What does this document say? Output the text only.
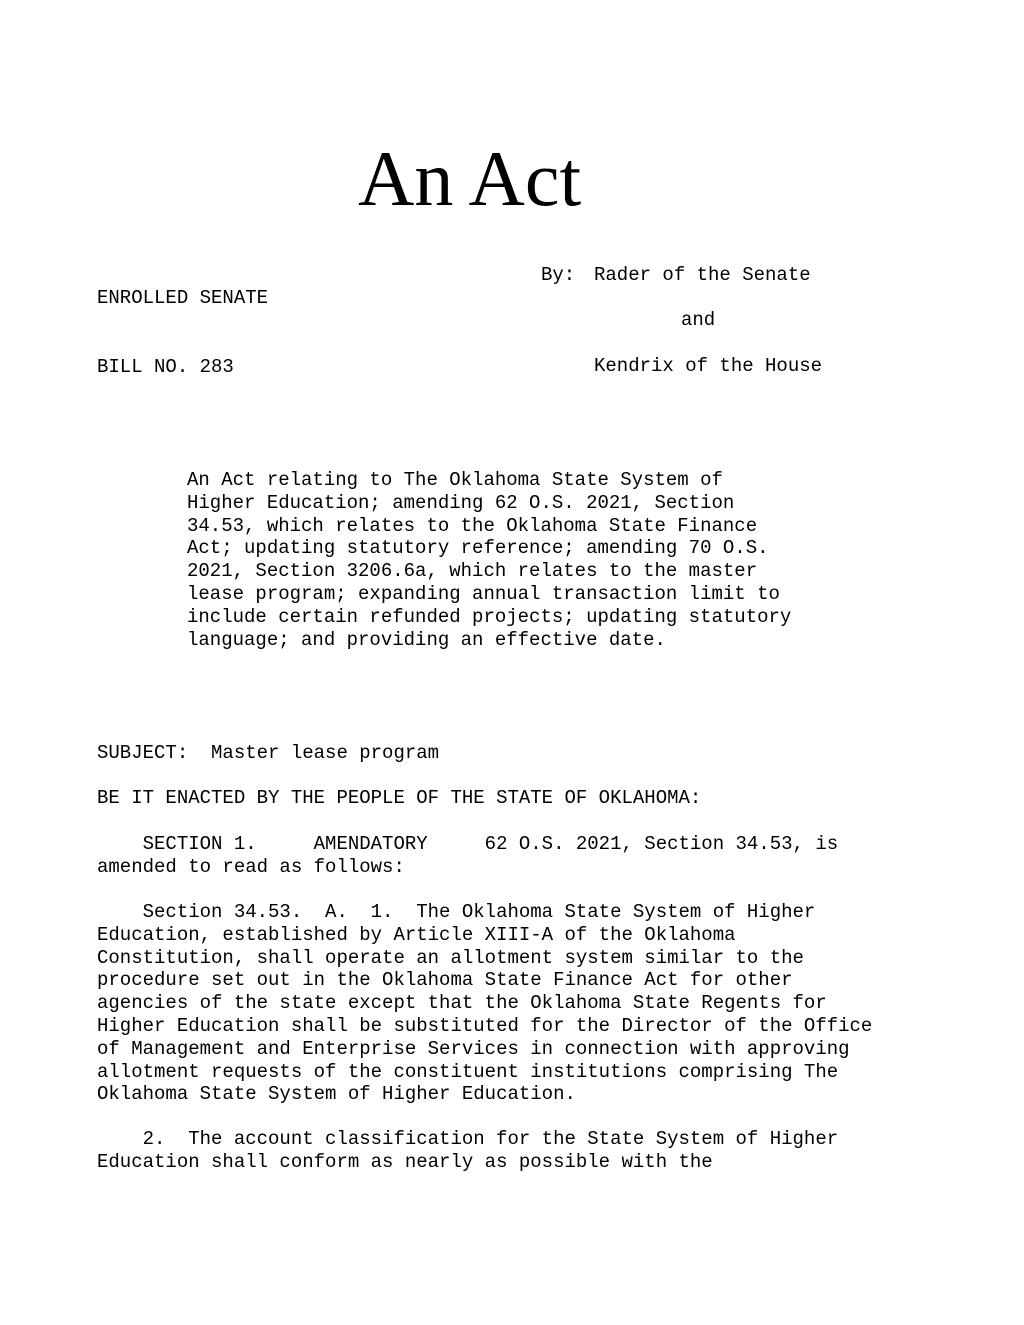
An Act

ENROLLED SENATE

BILL NO. 283

By: Rader of the Senate
and
Kendrix of the House
An Act relating to The Oklahoma State System of
Higher Education; amending 62 O.S. 2021, Section
34.53, which relates to the Oklahoma State Finance
Act; updating statutory reference; amending 70 O.S.
2021, Section 3206.6a, which relates to the master
lease program; expanding annual transaction limit to
include certain refunded projects; updating statutory
language; and providing an effective date.
SUBJECT:  Master lease program
BE IT ENACTED BY THE PEOPLE OF THE STATE OF OKLAHOMA:
SECTION 1.     AMENDATORY     62 O.S. 2021, Section 34.53, is
amended to read as follows:
Section 34.53.  A.  1.  The Oklahoma State System of Higher
Education, established by Article XIII-A of the Oklahoma
Constitution, shall operate an allotment system similar to the
procedure set out in the Oklahoma State Finance Act for other
agencies of the state except that the Oklahoma State Regents for
Higher Education shall be substituted for the Director of the Office
of Management and Enterprise Services in connection with approving
allotment requests of the constituent institutions comprising The
Oklahoma State System of Higher Education.
2.  The account classification for the State System of Higher
Education shall conform as nearly as possible with the
